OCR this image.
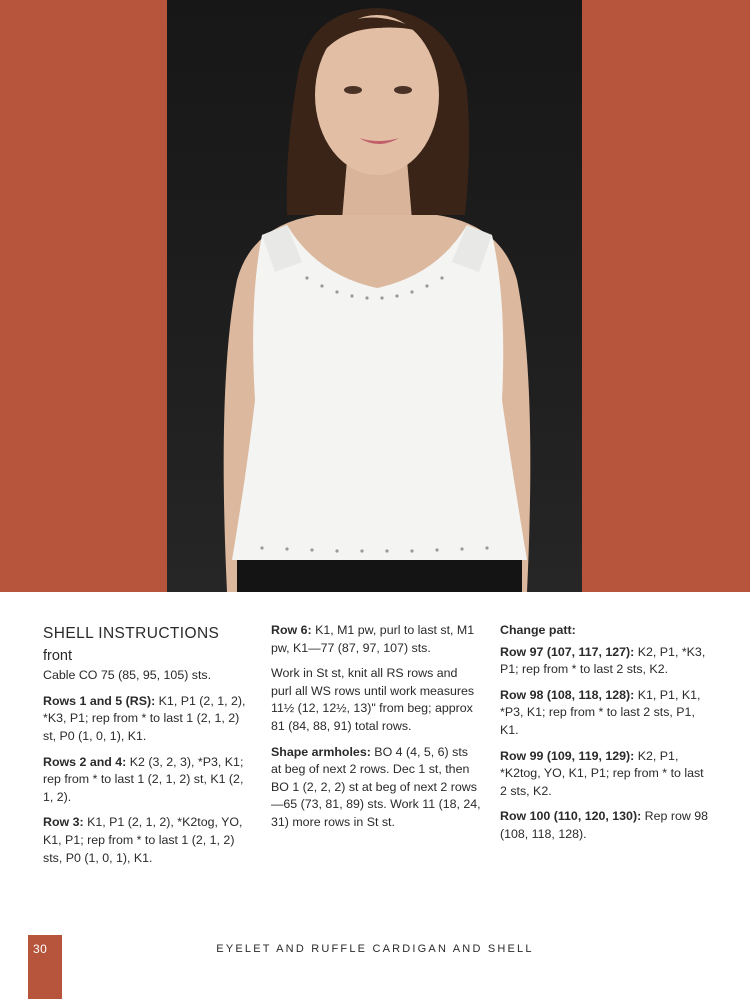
SHELL INSTRUCTIONS
front

Cable CO 75 (85, 95, 105) sts.

Rows 1 and 5 (RS): K1, P1 (2, 1, 2), *K3, P1; rep from * to last 1 (2, 1, 2) st, P0 (1, 0, 1), K1.

Rows 2 and 4: K2 (3, 2, 3), *P3, K1; rep from * to last 1 (2, 1, 2) st, K1 (2, 1, 2).

Row 3: K1, P1 (2, 1, 2), *K2tog, YO, K1, P1; rep from * to last 1 (2, 1, 2) sts, P0 (1, 0, 1), K1.

Row 6: K1, M1 pw, purl to last st, M1 pw, K1—77 (87, 97, 107) sts.

Work in St st, knit all RS rows and purl all WS rows until work measures 11½ (12, 12½, 13)" from beg; approx 81 (84, 88, 91) total rows.

Shape armholes: BO 4 (4, 5, 6) sts at beg of next 2 rows. Dec 1 st, then BO 1 (2, 2, 2) st at beg of next 2 rows—65 (73, 81, 89) sts. Work 11 (18, 24, 31) more rows in St st.

Change patt:

Row 97 (107, 117, 127): K2, P1, *K3, P1; rep from * to last 2 sts, K2.

Row 98 (108, 118, 128): K1, P1, K1, *P3, K1; rep from * to last 2 sts, P1, K1.

Row 99 (109, 119, 129): K2, P1, *K2tog, YO, K1, P1; rep from * to last 2 sts, K2.

Row 100 (110, 120, 130): Rep row 98 (108, 118, 128).

30	EYELET AND RUFFLE CARDIGAN AND SHELL
